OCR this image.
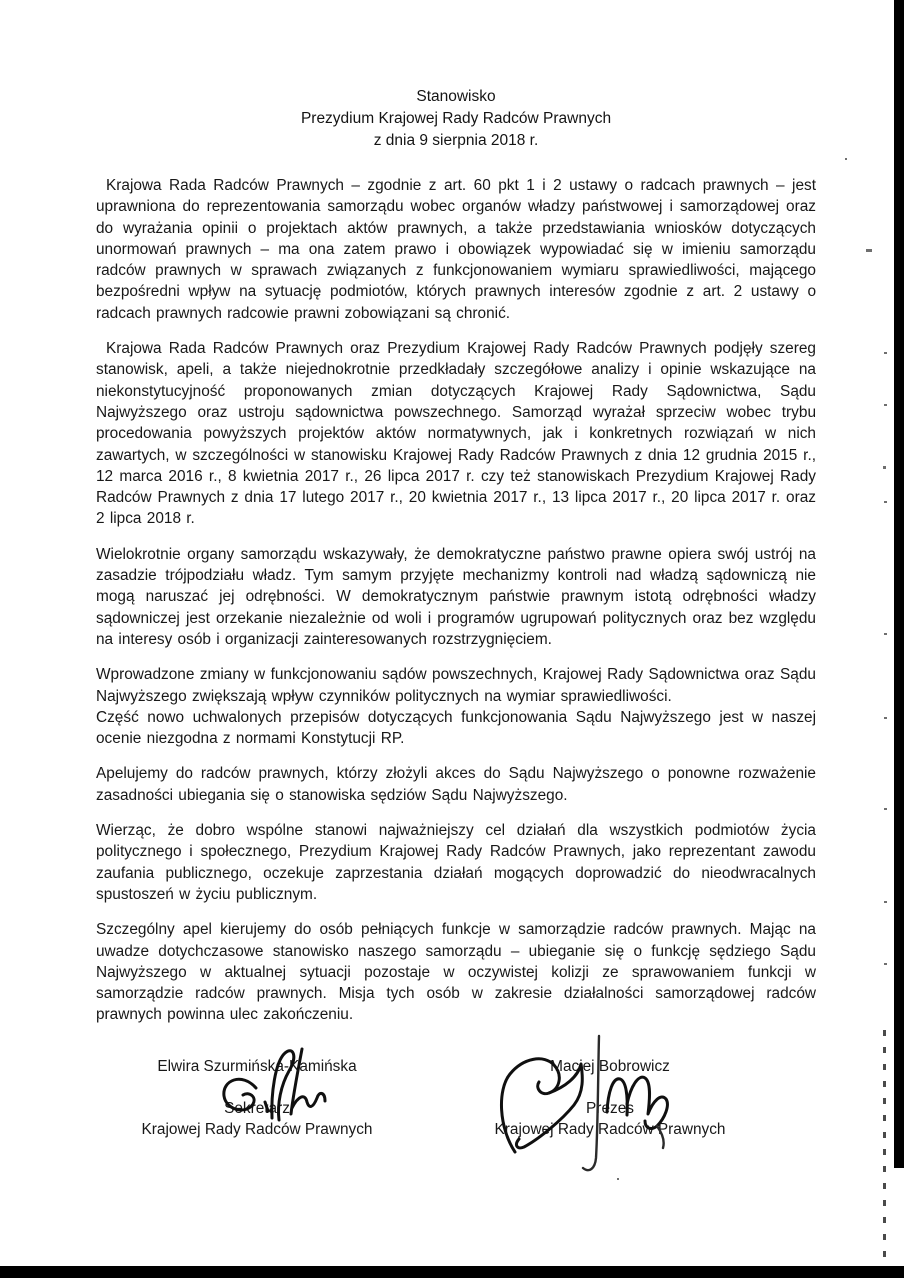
Stanowisko
Prezydium Krajowej Rady Radców Prawnych
z dnia 9 sierpnia 2018 r.

Krajowa Rada Radców Prawnych – zgodnie z art. 60 pkt 1 i 2 ustawy o radcach prawnych – jest uprawniona do reprezentowania samorządu wobec organów władzy państwowej i samorządowej oraz do wyrażania opinii o projektach aktów prawnych, a także przedstawiania wniosków dotyczących unormowań prawnych – ma ona zatem prawo i obowiązek wypowiadać się w imieniu samorządu radców prawnych w sprawach związanych z funkcjonowaniem wymiaru sprawiedliwości, mającego bezpośredni wpływ na sytuację podmiotów, których prawnych interesów zgodnie z art. 2 ustawy o radcach prawnych radcowie prawni zobowiązani są chronić.

Krajowa Rada Radców Prawnych oraz Prezydium Krajowej Rady Radców Prawnych podjęły szereg stanowisk, apeli, a także niejednokrotnie przedkładały szczegółowe analizy i opinie wskazujące na niekonstytucyjność proponowanych zmian dotyczących Krajowej Rady Sądownictwa, Sądu Najwyższego oraz ustroju sądownictwa powszechnego. Samorząd wyrażał sprzeciw wobec trybu procedowania powyższych projektów aktów normatywnych, jak i konkretnych rozwiązań w nich zawartych, w szczególności w stanowisku Krajowej Rady Radców Prawnych z dnia 12 grudnia 2015 r., 12 marca 2016 r., 8 kwietnia 2017 r., 26 lipca 2017 r. czy też stanowiskach Prezydium Krajowej Rady Radców Prawnych z dnia 17 lutego 2017 r., 20 kwietnia 2017 r., 13 lipca 2017 r., 20 lipca 2017 r. oraz 2 lipca 2018 r.

Wielokrotnie organy samorządu wskazywały, że demokratyczne państwo prawne opiera swój ustrój na zasadzie trójpodziału władz. Tym samym przyjęte mechanizmy kontroli nad władzą sądowniczą nie mogą naruszać jej odrębności. W demokratycznym państwie prawnym istotą odrębności władzy sądowniczej jest orzekanie niezależnie od woli i programów ugrupowań politycznych oraz bez względu na interesy osób i organizacji zainteresowanych rozstrzygnięciem.

Wprowadzone zmiany w funkcjonowaniu sądów powszechnych, Krajowej Rady Sądownictwa oraz Sądu Najwyższego zwiększają wpływ czynników politycznych na wymiar sprawiedliwości.

Część nowo uchwalonych przepisów dotyczących funkcjonowania Sądu Najwyższego jest w naszej ocenie niezgodna z normami Konstytucji RP.

Apelujemy do radców prawnych, którzy złożyli akces do Sądu Najwyższego o ponowne rozważenie zasadności ubiegania się o stanowiska sędziów Sądu Najwyższego.

Wierząc, że dobro wspólne stanowi najważniejszy cel działań dla wszystkich podmiotów życia politycznego i społecznego, Prezydium Krajowej Rady Radców Prawnych, jako reprezentant zawodu zaufania publicznego, oczekuje zaprzestania działań mogących doprowadzić do nieodwracalnych spustoszeń w życiu publicznym.

Szczególny apel kierujemy do osób pełniących funkcje w samorządzie radców prawnych. Mając na uwadze dotychczasowe stanowisko naszego samorządu – ubieganie się o funkcję sędziego Sądu Najwyższego w aktualnej sytuacji pozostaje w oczywistej kolizji ze sprawowaniem funkcji w samorządzie radców prawnych. Misja tych osób w zakresie działalności samorządowej radców prawnych powinna ulec zakończeniu.

Elwira Szurmińska-Kamińska
Sekretarz
Krajowej Rady Radców Prawnych
Maciej Bobrowicz
Prezes
Krajowej Rady Radców Prawnych
